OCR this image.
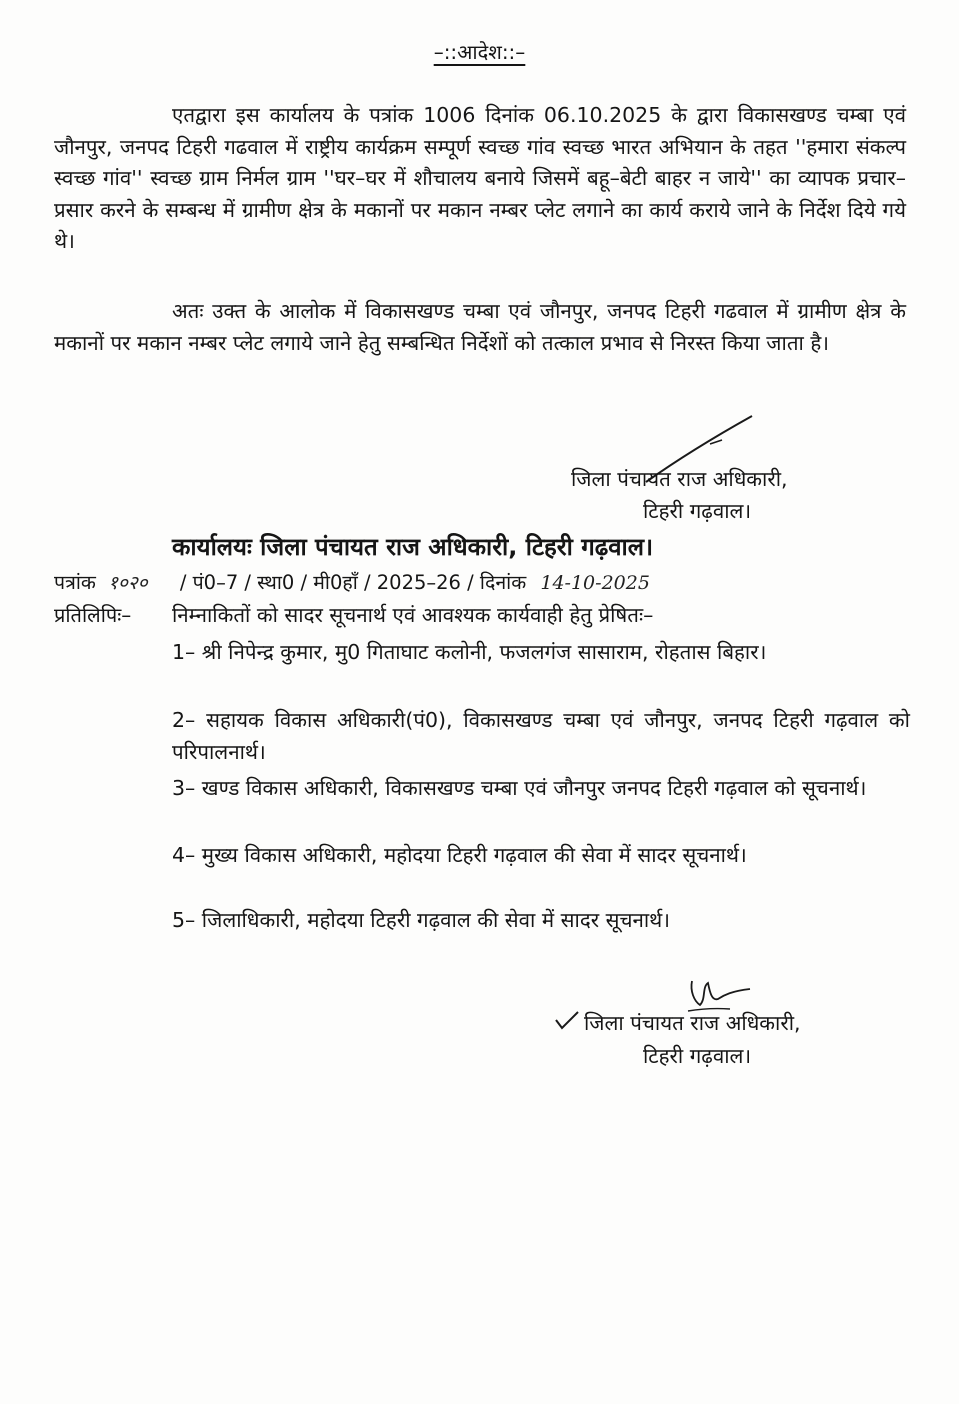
–::आदेश::–

एतद्वारा इस कार्यालय के पत्रांक 1006 दिनांक 06.10.2025 के द्वारा विकासखण्ड चम्बा एवं जौनपुर, जनपद टिहरी गढवाल में राष्ट्रीय कार्यक्रम सम्पूर्ण स्वच्छ गांव स्वच्छ भारत अभियान के तहत ''हमारा संकल्प स्वच्छ गांव'' स्वच्छ ग्राम निर्मल ग्राम ''घर–घर में शौचालय बनाये जिसमें बहू–बेटी बाहर न जाये'' का व्यापक प्रचार–प्रसार करने के सम्बन्ध में ग्रामीण क्षेत्र के मकानों पर मकान नम्बर प्लेट लगाने का कार्य कराये जाने के निर्देश दिये गये थे।

अतः उक्त के आलोक में विकासखण्ड चम्बा एवं जौनपुर, जनपद टिहरी गढवाल में ग्रामीण क्षेत्र के मकानों पर मकान नम्बर प्लेट लगाये जाने हेतु सम्बन्धित निर्देशों को तत्काल प्रभाव से निरस्त किया जाता है।

जिला पंचायत राज अधिकारी,
टिहरी गढ़वाल।
कार्यालयः जिला पंचायत राज अधिकारी, टिहरी गढ़वाल।
पत्रांक १०२० / पं0–7 / स्था0 / मी0हॉं / 2025–26 / दिनांक 14-10-2025
प्रतिलिपिः– निम्नाकितों को सादर सूचनार्थ एवं आवश्यक कार्यवाही हेतु प्रेषितः–

1– श्री निपेन्द्र कुमार, मु0 गिताघाट कलोनी, फजलगंज सासाराम, रोहतास बिहार।

2– सहायक विकास अधिकारी(पं0), विकासखण्ड चम्बा एवं जौनपुर, जनपद टिहरी गढ़वाल को परिपालनार्थ।

3– खण्ड विकास अधिकारी, विकासखण्ड चम्बा एवं जौनपुर जनपद टिहरी गढ़वाल को सूचनार्थ।

4– मुख्य विकास अधिकारी, महोदया टिहरी गढ़वाल की सेवा में सादर सूचनार्थ।

5– जिलाधिकारी, महोदया टिहरी गढ़वाल की सेवा में सादर सूचनार्थ।

जिला पंचायत राज अधिकारी,
टिहरी गढ़वाल।
